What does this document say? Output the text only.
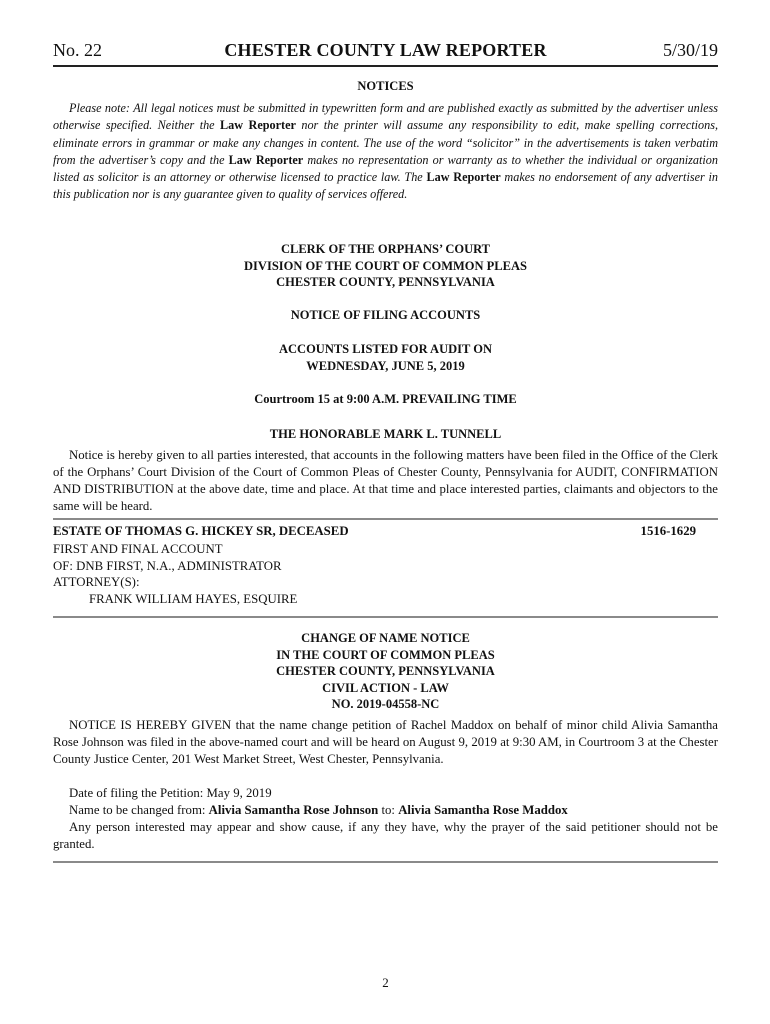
No. 22	CHESTER COUNTY LAW REPORTER	5/30/19
NOTICES
Please note: All legal notices must be submitted in typewritten form and are published exactly as submitted by the advertiser unless otherwise specified. Neither the Law Reporter nor the printer will assume any responsibility to edit, make spelling corrections, eliminate errors in grammar or make any changes in content. The use of the word “solicitor” in the advertisements is taken verbatim from the advertiser’s copy and the Law Reporter makes no representation or warranty as to whether the individual or organization listed as solicitor is an attorney or otherwise licensed to practice law. The Law Reporter makes no endorsement of any advertiser in this publication nor is any guarantee given to quality of services offered.
CLERK OF THE ORPHANS’ COURT
DIVISION OF THE COURT OF COMMON PLEAS
CHESTER COUNTY, PENNSYLVANIA
NOTICE OF FILING ACCOUNTS
ACCOUNTS LISTED FOR AUDIT ON
WEDNESDAY, JUNE 5, 2019
Courtroom 15 at 9:00 A.M. PREVAILING TIME
THE HONORABLE MARK L. TUNNELL
Notice is hereby given to all parties interested, that accounts in the following matters have been filed in the Office of the Clerk of the Orphans’ Court Division of the Court of Common Pleas of Chester County, Pennsylvania for AUDIT, CONFIRMATION AND DISTRIBUTION at the above date, time and place. At that time and place interested parties, claimants and objectors to the same will be heard.
ESTATE OF THOMAS G. HICKEY SR, DECEASED	1516-1629
FIRST AND FINAL ACCOUNT
OF: DNB FIRST, N.A., ADMINISTRATOR
ATTORNEY(S):
FRANK WILLIAM HAYES, ESQUIRE
CHANGE OF NAME NOTICE
IN THE COURT OF COMMON PLEAS
CHESTER COUNTY, PENNSYLVANIA
CIVIL ACTION - LAW
NO. 2019-04558-NC
NOTICE IS HEREBY GIVEN that the name change petition of Rachel Maddox on behalf of minor child Alivia Samantha Rose Johnson was filed in the above-named court and will be heard on August 9, 2019 at 9:30 AM, in Courtroom 3 at the Chester County Justice Center, 201 West Market Street, West Chester, Pennsylvania.
Date of filing the Petition: May 9, 2019
Name to be changed from: Alivia Samantha Rose Johnson to: Alivia Samantha Rose Maddox
Any person interested may appear and show cause, if any they have, why the prayer of the said petitioner should not be granted.
2
